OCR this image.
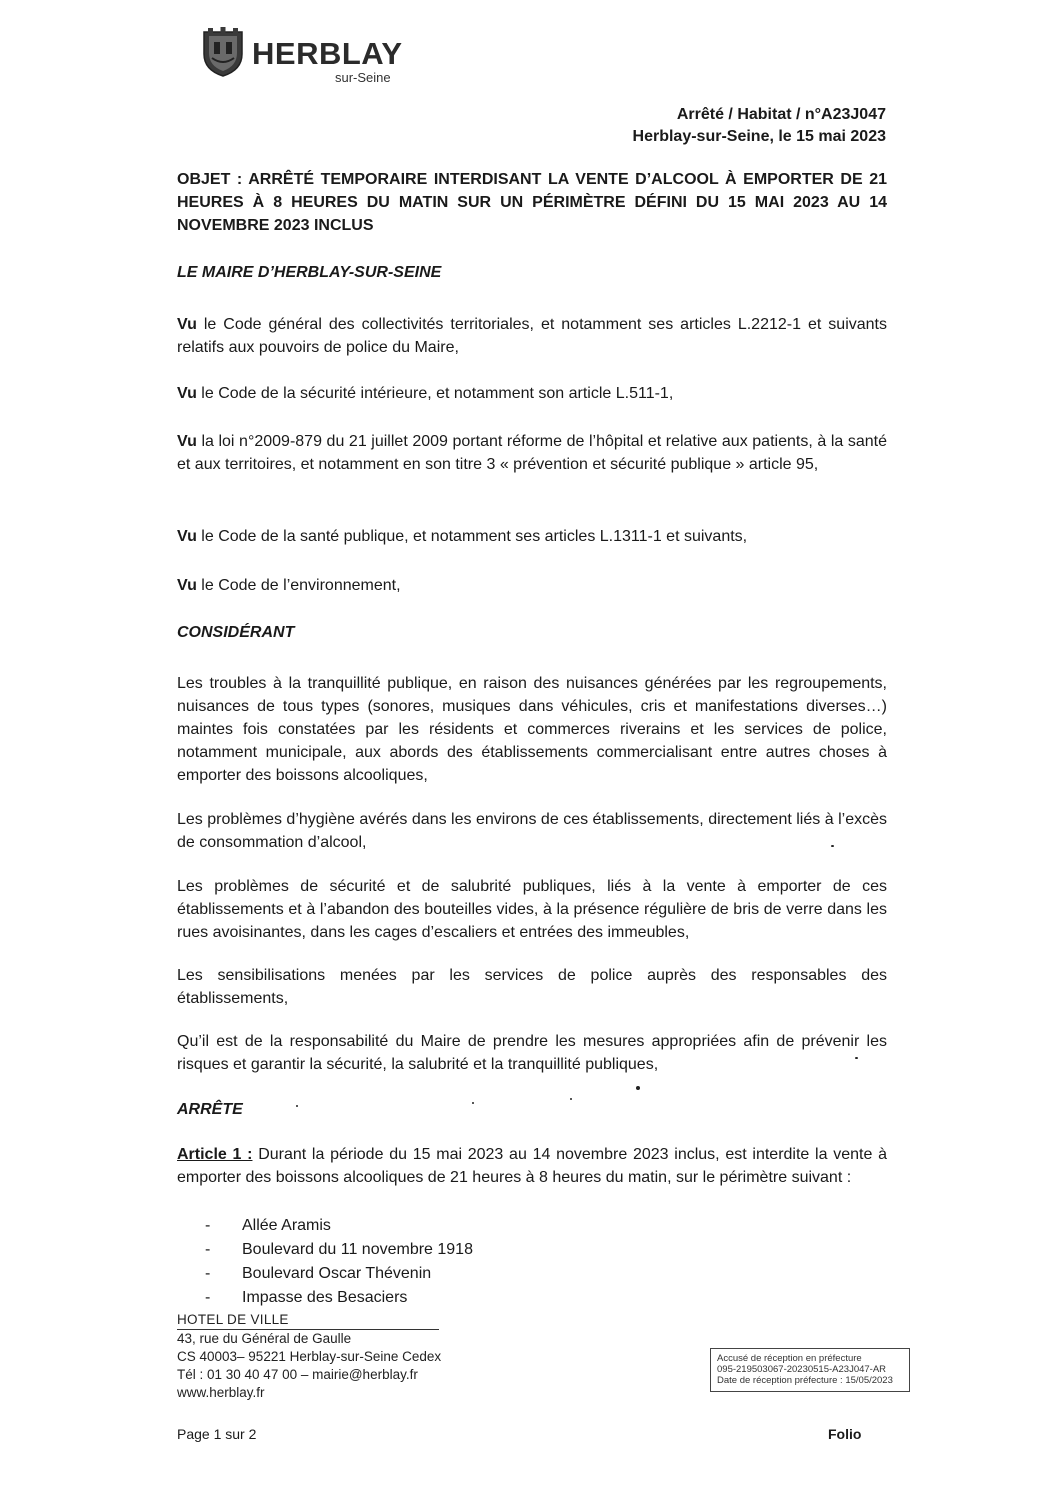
HERBLAY
sur-Seine
Arrêté / Habitat / n°A23J047
Herblay-sur-Seine, le 15 mai 2023
OBJET : ARRÊTÉ TEMPORAIRE INTERDISANT LA VENTE D’ALCOOL À EMPORTER DE 21 HEURES À 8 HEURES DU MATIN SUR UN PÉRIMÈTRE DÉFINI DU 15 MAI 2023 AU 14 NOVEMBRE 2023 INCLUS
LE MAIRE D’HERBLAY-SUR-SEINE
Vu le Code général des collectivités territoriales, et notamment ses articles L.2212-1 et suivants relatifs aux pouvoirs de police du Maire,
Vu le Code de la sécurité intérieure, et notamment son article L.511-1,
Vu la loi n°2009-879 du 21 juillet 2009 portant réforme de l’hôpital et relative aux patients, à la santé et aux territoires, et notamment en son titre 3 « prévention et sécurité publique » article 95,
Vu le Code de la santé publique, et notamment ses articles L.1311-1 et suivants,
Vu le Code de l’environnement,
CONSIDÉRANT
Les troubles à la tranquillité publique, en raison des nuisances générées par les regroupements, nuisances de tous types (sonores, musiques dans véhicules, cris et manifestations diverses…) maintes fois constatées par les résidents et commerces riverains et les services de police, notamment municipale, aux abords des établissements commercialisant entre autres choses à emporter des boissons alcooliques,
Les problèmes d’hygiène avérés dans les environs de ces établissements, directement liés à l’excès de consommation d’alcool,
Les problèmes de sécurité et de salubrité publiques, liés à la vente à emporter de ces établissements et à l’abandon des bouteilles vides, à la présence régulière de bris de verre dans les rues avoisinantes, dans les cages d’escaliers et entrées des immeubles,
Les sensibilisations menées par les services de police auprès des responsables des établissements,
Qu’il est de la responsabilité du Maire de prendre les mesures appropriées afin de prévenir les risques et garantir la sécurité, la salubrité et la tranquillité publiques,
ARRÊTE
Article 1 : Durant la période du 15 mai 2023 au 14 novembre 2023 inclus, est interdite la vente à emporter des boissons alcooliques de 21 heures à 8 heures du matin, sur le périmètre suivant :
- Allée Aramis
- Boulevard du 11 novembre 1918
- Boulevard Oscar Thévenin
- Impasse des Besaciers
HOTEL DE VILLE
43, rue du Général de Gaulle
CS 40003– 95221 Herblay-sur-Seine Cedex
Tél : 01 30 40 47 00 – mairie@herblay.fr
www.herblay.fr
Accusé de réception en préfecture
095-219503067-20230515-A23J047-AR
Date de réception préfecture : 15/05/2023
Page 1 sur 2	Folio
